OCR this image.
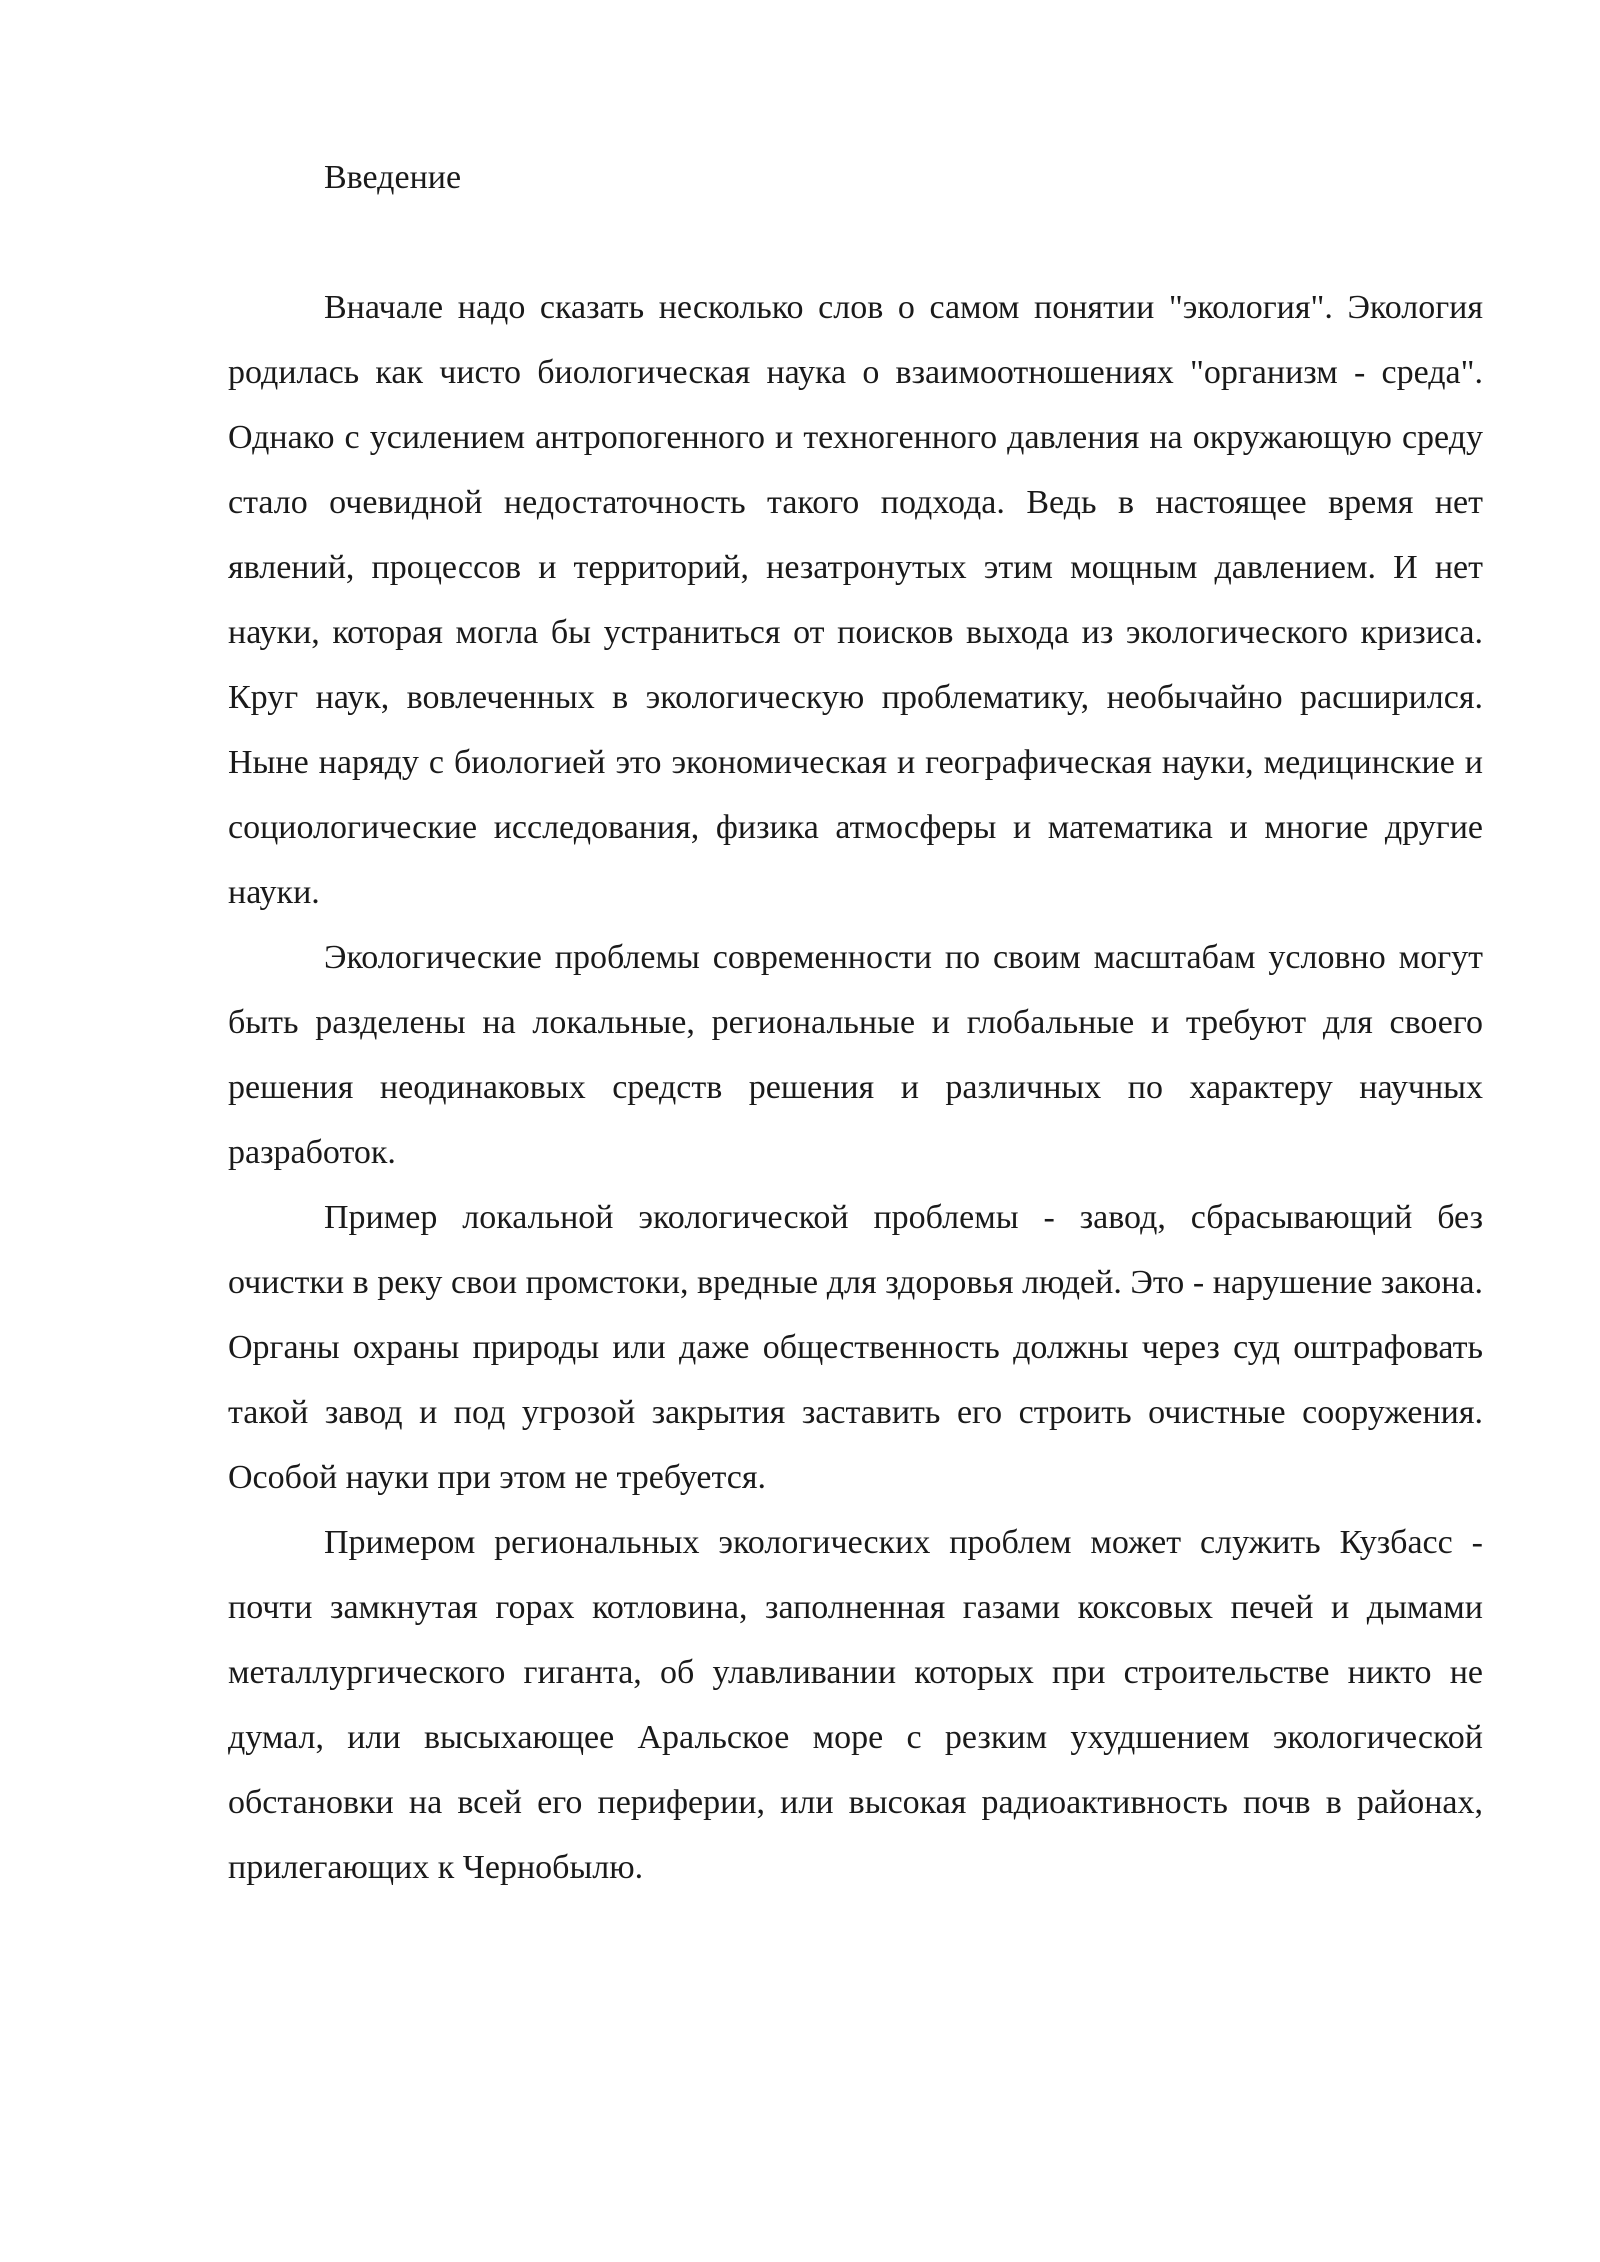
Введение

Вначале надо сказать несколько слов о самом понятии "экология". Экология родилась как чисто биологическая наука о взаимоотношениях "организм - среда". Однако с усилением антропогенного и техногенного давления на окружающую среду стало очевидной недостаточность такого подхода. Ведь в настоящее время нет явлений, процессов и территорий, незатронутых этим мощным давлением. И нет науки, которая могла бы устраниться от поисков выхода из экологического кризиса. Круг наук, вовлеченных в экологическую проблематику, необычайно расширился. Ныне наряду с биологией это экономическая и географическая науки, медицинские и социологические исследования, физика атмосферы и математика и многие другие науки.

Экологические проблемы современности по своим масштабам условно могут быть разделены на локальные, региональные и глобальные и требуют для своего решения неодинаковых средств решения и различных по характеру научных разработок.

Пример локальной экологической проблемы - завод, сбрасывающий без очистки в реку свои промстоки, вредные для здоровья людей. Это - нарушение закона. Органы охраны природы или даже общественность должны через суд оштрафовать такой завод и под угрозой закрытия заставить его строить очистные сооружения. Особой науки при этом не требуется.

Примером региональных экологических проблем может служить Кузбасс - почти замкнутая горах котловина, заполненная газами коксовых печей и дымами металлургического гиганта, об улавливании которых при строительстве никто не думал, или высыхающее Аральское море с резким ухудшением экологической обстановки на всей его периферии, или высокая радиоактивность почв в районах, прилегающих к Чернобылю.
